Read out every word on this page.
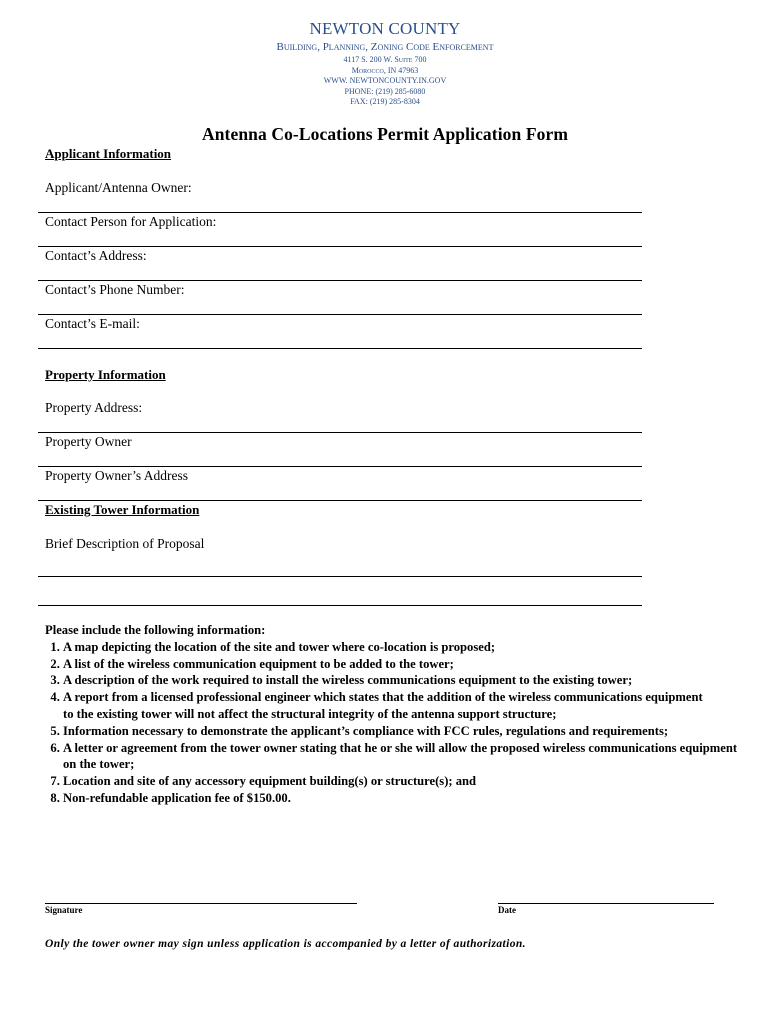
NEWTON COUNTY
Building, Planning, Zoning Code Enforcement
4117 S. 200 W. Suite 700
Morocco, IN 47963
WWW. NEWTONCOUNTY.IN.GOV
PHONE: (219) 285-6080
FAX: (219) 285-8304
Antenna Co-Locations Permit Application Form
Applicant Information
Applicant/Antenna Owner:
Contact Person for Application:
Contact’s Address:
Contact’s Phone Number:
Contact’s E-mail:
Property Information
Property Address:
Property Owner
Property Owner’s Address
Existing Tower Information
Brief Description of Proposal
Please include the following information:
1. A map depicting the location of the site and tower where co-location is proposed;
2. A list of the wireless communication equipment to be added to the tower;
3. A description of the work required to install the wireless communications equipment to the existing tower;
4. A report from a licensed professional engineer which states that the addition of the wireless communications equipment to the existing tower will not affect the structural integrity of the antenna support structure;
5. Information necessary to demonstrate the applicant’s compliance with FCC rules, regulations and requirements;
6. A letter or agreement from the tower owner stating that he or she will allow the proposed wireless communications equipment on the tower;
7. Location and site of any accessory equipment building(s) or structure(s); and
8. Non-refundable application fee of $150.00.
Signature	Date
Only the tower owner may sign unless application is accompanied by a letter of authorization.
